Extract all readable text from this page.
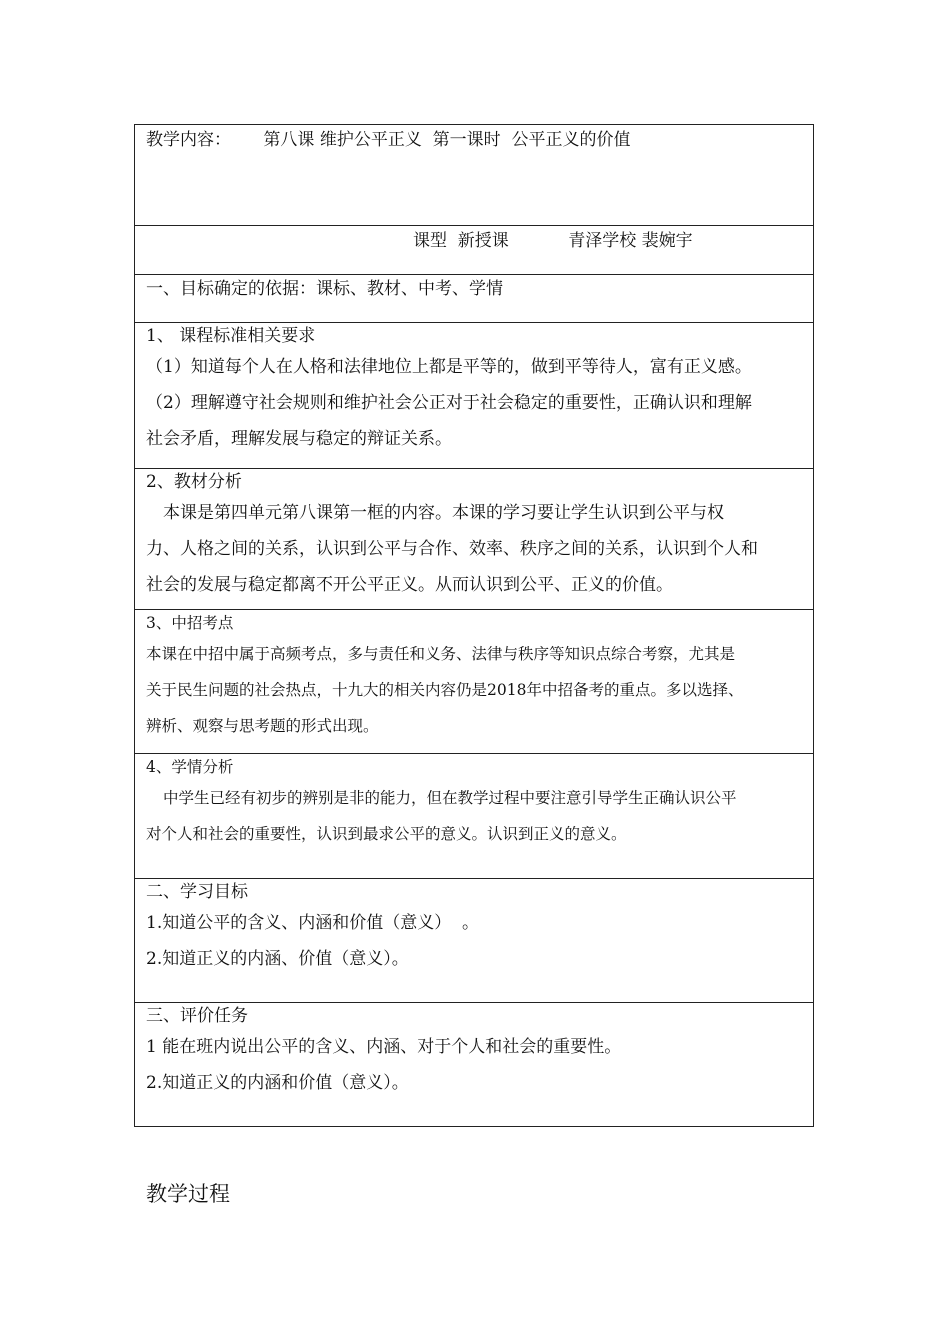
教学内容：      第八课 维护公平正义  第一课时  公平正义的价值
课型  新授课           青泽学校 裴婉宇
一、目标确定的依据：课标、教材、中考、学情
1、 课程标准相关要求
（1）知道每个人在人格和法律地位上都是平等的，做到平等待人，富有正义感。
（2）理解遵守社会规则和维护社会公正对于社会稳定的重要性，正确认识和理解
社会矛盾，理解发展与稳定的辩证关系。
2、教材分析
本课是第四单元第八课第一框的内容。本课的学习要让学生认识到公平与权
力、人格之间的关系，认识到公平与合作、效率、秩序之间的关系，认识到个人和
社会的发展与稳定都离不开公平正义。从而认识到公平、正义的价值。
3、中招考点
本课在中招中属于高频考点，多与责任和义务、法律与秩序等知识点综合考察，尤其是
关于民生问题的社会热点，十九大的相关内容仍是2018年中招备考的重点。多以选择、
辨析、观察与思考题的形式出现。
4、学情分析
中学生已经有初步的辨别是非的能力，但在教学过程中要注意引导学生正确认识公平
对个人和社会的重要性，认识到最求公平的意义。认识到正义的意义。
二、学习目标
1.知道公平的含义、内涵和价值（意义）  。
2.知道正义的内涵、价值（意义）。
三、评价任务
1 能在班内说出公平的含义、内涵、对于个人和社会的重要性。
2.知道正义的内涵和价值（意义）。
教学过程
